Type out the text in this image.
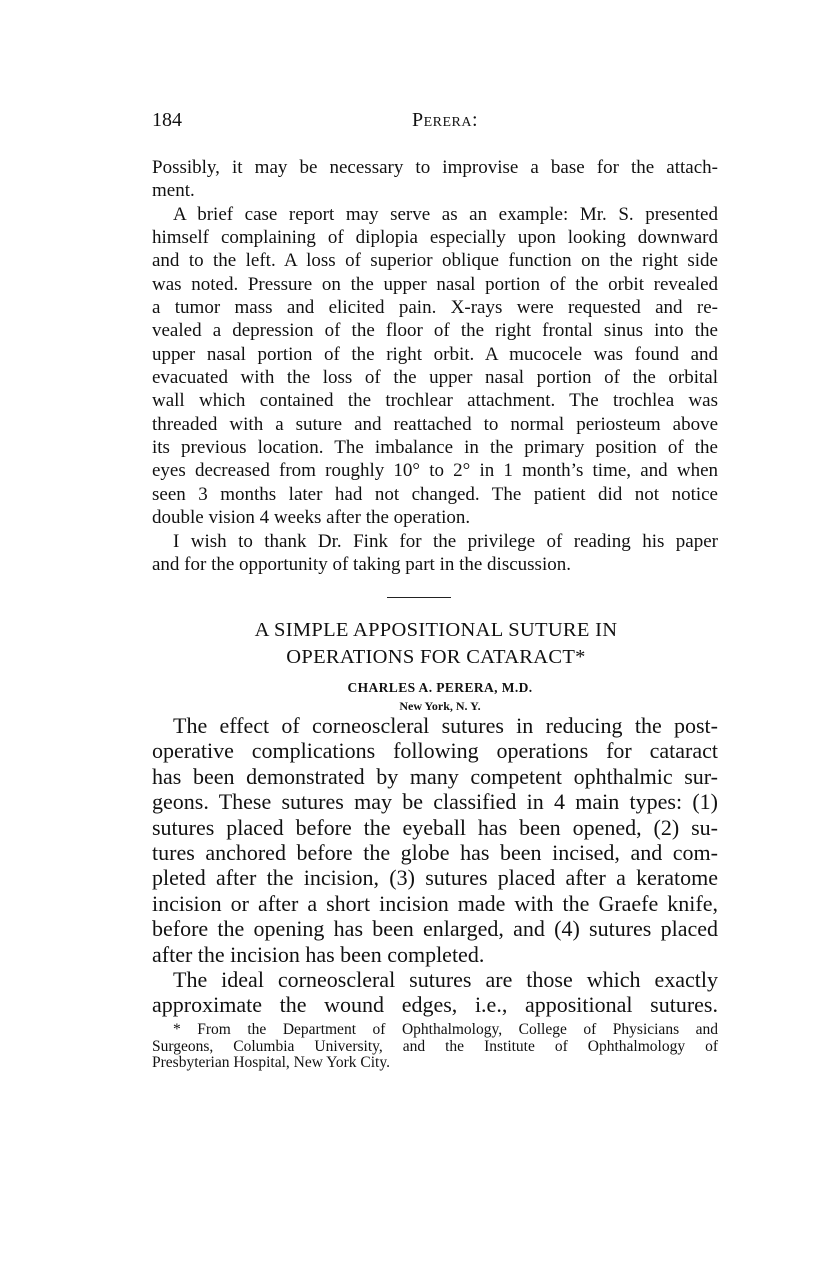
184	Perera:
Possibly, it may be necessary to improvise a base for the attach-
ment.
A brief case report may serve as an example: Mr. S. presented
himself complaining of diplopia especially upon looking downward
and to the left. A loss of superior oblique function on the right side
was noted. Pressure on the upper nasal portion of the orbit revealed
a tumor mass and elicited pain. X-rays were requested and re-
vealed a depression of the floor of the right frontal sinus into the
upper nasal portion of the right orbit. A mucocele was found and
evacuated with the loss of the upper nasal portion of the orbital
wall which contained the trochlear attachment. The trochlea was
threaded with a suture and reattached to normal periosteum above
its previous location. The imbalance in the primary position of the
eyes decreased from roughly 10° to 2° in 1 month’s time, and when
seen 3 months later had not changed. The patient did not notice
double vision 4 weeks after the operation.
I wish to thank Dr. Fink for the privilege of reading his paper
and for the opportunity of taking part in the discussion.
A SIMPLE APPOSITIONAL SUTURE IN
OPERATIONS FOR CATARACT*
CHARLES A. PERERA, M.D.
New York, N. Y.
The effect of corneoscleral sutures in reducing the post-
operative complications following operations for cataract
has been demonstrated by many competent ophthalmic sur-
geons. These sutures may be classified in 4 main types: (1)
sutures placed before the eyeball has been opened, (2) su-
tures anchored before the globe has been incised, and com-
pleted after the incision, (3) sutures placed after a keratome
incision or after a short incision made with the Graefe knife,
before the opening has been enlarged, and (4) sutures placed
after the incision has been completed.
The ideal corneoscleral sutures are those which exactly
approximate the wound edges, i.e., appositional sutures.
* From the Department of Ophthalmology, College of Physicians and
Surgeons, Columbia University, and the Institute of Ophthalmology of
Presbyterian Hospital, New York City.
